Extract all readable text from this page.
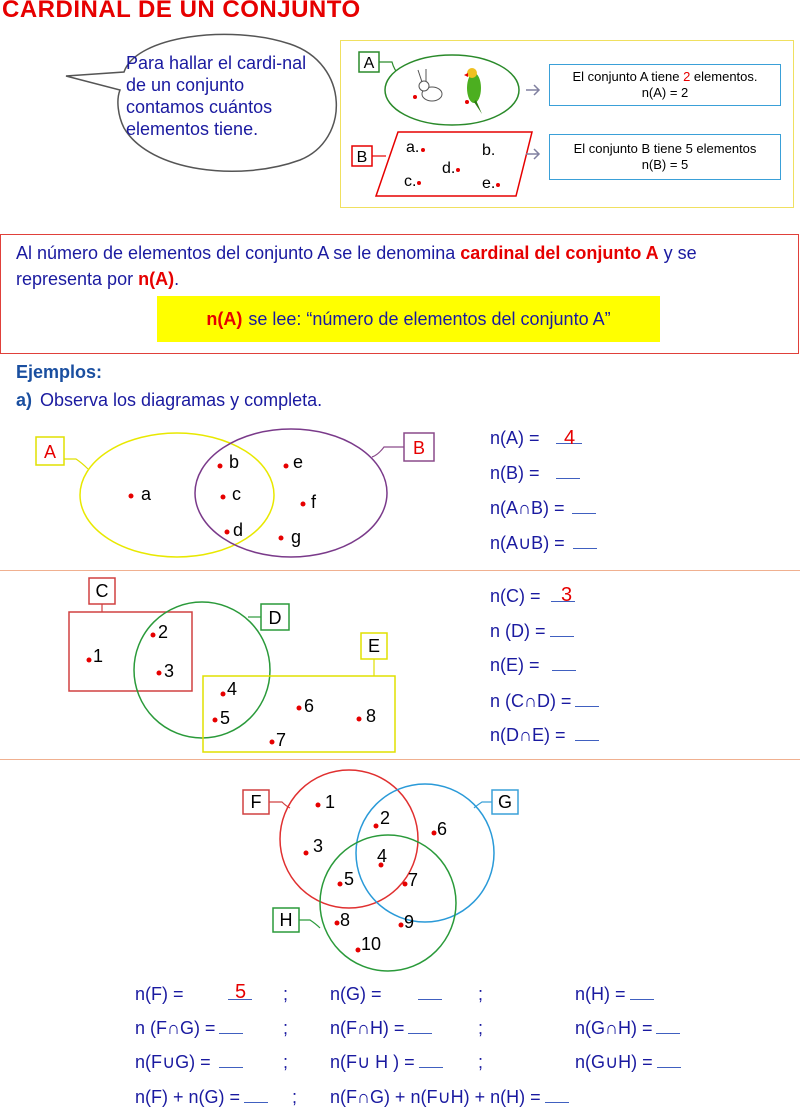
CARDINAL DE UN CONJUNTO
Para hallar el cardi-nal de un conjunto contamos cuántos elementos tiene.
A
B
a.	b.
d.
c.	e.
El conjunto A tiene 2 elementos.
n(A) = 2
El conjunto B tiene 5 elementos
n(B) = 5
Al número de elementos del conjunto A se le denomina cardinal del conjunto A y se representa por n(A).
n(A) se lee: “número de elementos del conjunto A”
Ejemplos:
a) Observa los diagramas y completa.
A	B
a
b
c
d
e
f
g
n(A) =	4
n(B) =
n(A∩B) =
n(A∪B) =
C
D
E
1
2
3
4
5
6
7
8
n(C) =	3
n (D) =
n(E) =
n (C∩D) =
n(D∩E) =
F	G
H
1
2
3	4
5
6
7
8	9
10
n(F) =	5 ; n(G) =	;	n(H) =
n (F∩G) =	; n(F∩H) =	;	n(G∩H) =
n(F∪G) =	; n(F∪ H ) =	;	n(G∪H) =
n(F) + n(G) =	; n(F∩G) + n(F∪H) + n(H) =
